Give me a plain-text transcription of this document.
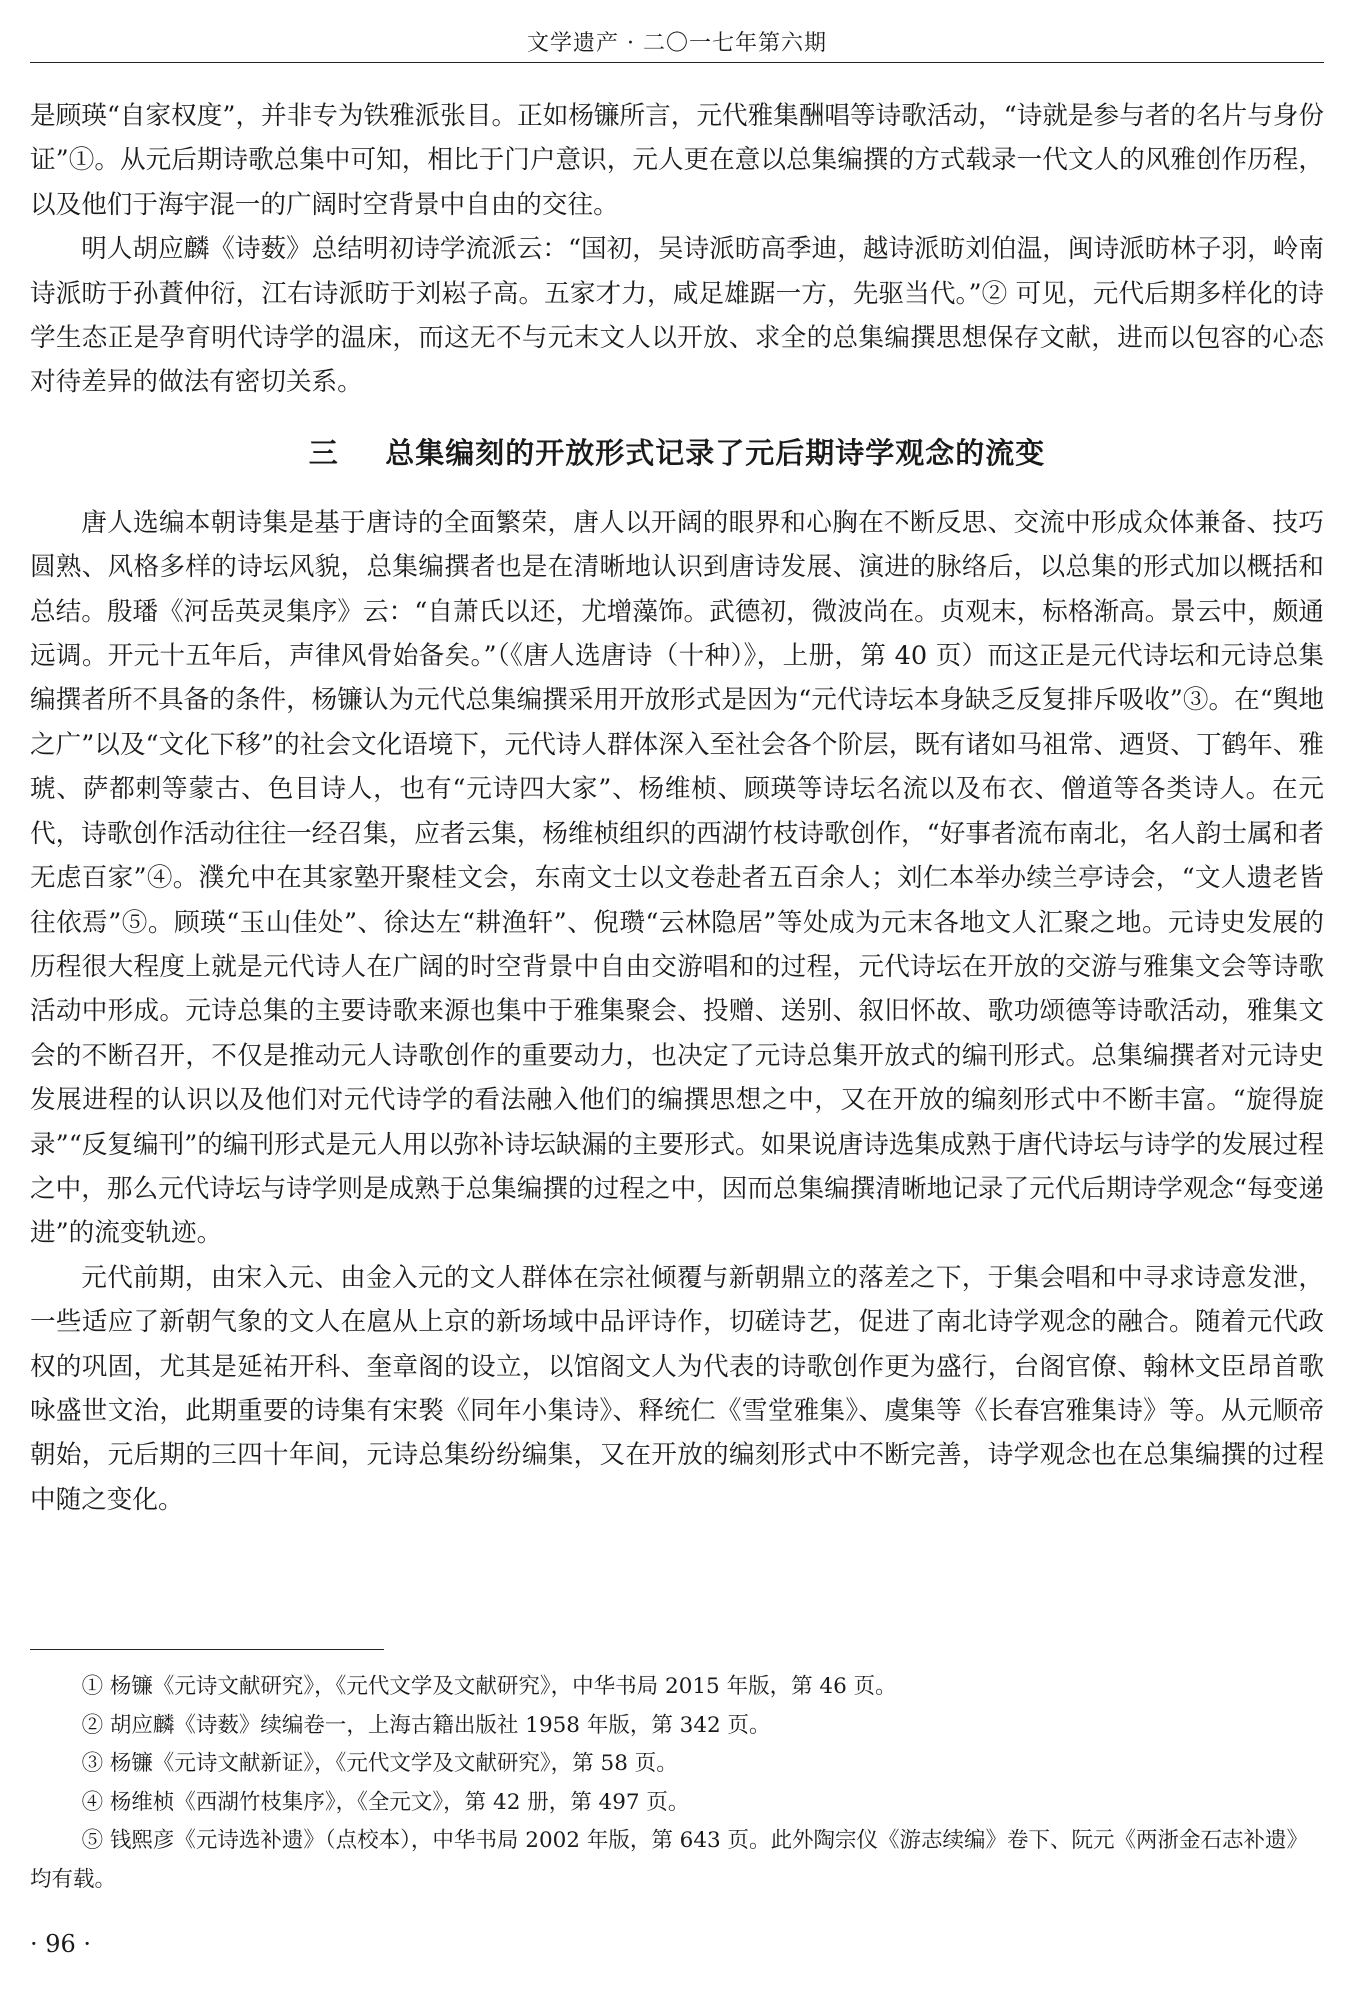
文学遗产 · 二〇一七年第六期

是顾瑛“自家权度”，并非专为铁雅派张目。正如杨镰所言，元代雅集酬唱等诗歌活动，“诗就是参与者的名片与身份证”①。从元后期诗歌总集中可知，相比于门户意识，元人更在意以总集编撰的方式载录一代文人的风雅创作历程，以及他们于海宇混一的广阔时空背景中自由的交往。

明人胡应麟《诗薮》总结明初诗学流派云：“国初，吴诗派昉高季迪，越诗派昉刘伯温，闽诗派昉林子羽，岭南诗派昉于孙蕡仲衍，江右诗派昉于刘崧子高。五家才力，咸足雄踞一方，先驱当代。”② 可见，元代后期多样化的诗学生态正是孕育明代诗学的温床，而这无不与元末文人以开放、求全的总集编撰思想保存文献，进而以包容的心态对待差异的做法有密切关系。

三 总集编刻的开放形式记录了元后期诗学观念的流变

唐人选编本朝诗集是基于唐诗的全面繁荣，唐人以开阔的眼界和心胸在不断反思、交流中形成众体兼备、技巧圆熟、风格多样的诗坛风貌，总集编撰者也是在清晰地认识到唐诗发展、演进的脉络后，以总集的形式加以概括和总结。殷璠《河岳英灵集序》云：“自萧氏以还，尤增藻饰。武德初，微波尚在。贞观末，标格渐高。景云中，颇通远调。开元十五年后，声律风骨始备矣。”（《唐人选唐诗（十种）》，上册，第 40 页）而这正是元代诗坛和元诗总集编撰者所不具备的条件，杨镰认为元代总集编撰采用开放形式是因为“元代诗坛本身缺乏反复排斥吸收”③。在“舆地之广”以及“文化下移”的社会文化语境下，元代诗人群体深入至社会各个阶层，既有诸如马祖常、迺贤、丁鹤年、雅琥、萨都剌等蒙古、色目诗人，也有“元诗四大家”、杨维桢、顾瑛等诗坛名流以及布衣、僧道等各类诗人。在元代，诗歌创作活动往往一经召集，应者云集，杨维桢组织的西湖竹枝诗歌创作，“好事者流布南北，名人韵士属和者无虑百家”④。濮允中在其家塾开聚桂文会，东南文士以文卷赴者五百余人；刘仁本举办续兰亭诗会，“文人遗老皆往依焉”⑤。顾瑛“玉山佳处”、徐达左“耕渔轩”、倪瓒“云林隐居”等处成为元末各地文人汇聚之地。元诗史发展的历程很大程度上就是元代诗人在广阔的时空背景中自由交游唱和的过程，元代诗坛在开放的交游与雅集文会等诗歌活动中形成。元诗总集的主要诗歌来源也集中于雅集聚会、投赠、送别、叙旧怀故、歌功颂德等诗歌活动，雅集文会的不断召开，不仅是推动元人诗歌创作的重要动力，也决定了元诗总集开放式的编刊形式。总集编撰者对元诗史发展进程的认识以及他们对元代诗学的看法融入他们的编撰思想之中，又在开放的编刻形式中不断丰富。“旋得旋录”“反复编刊”的编刊形式是元人用以弥补诗坛缺漏的主要形式。如果说唐诗选集成熟于唐代诗坛与诗学的发展过程之中，那么元代诗坛与诗学则是成熟于总集编撰的过程之中，因而总集编撰清晰地记录了元代后期诗学观念“每变递进”的流变轨迹。

元代前期，由宋入元、由金入元的文人群体在宗社倾覆与新朝鼎立的落差之下，于集会唱和中寻求诗意发泄，一些适应了新朝气象的文人在扈从上京的新场域中品评诗作，切磋诗艺，促进了南北诗学观念的融合。随着元代政权的巩固，尤其是延祐开科、奎章阁的设立，以馆阁文人为代表的诗歌创作更为盛行，台阁官僚、翰林文臣昂首歌咏盛世文治，此期重要的诗集有宋褧《同年小集诗》、释统仁《雪堂雅集》、虞集等《长春宫雅集诗》等。从元顺帝朝始，元后期的三四十年间，元诗总集纷纷编集，又在开放的编刻形式中不断完善，诗学观念也在总集编撰的过程中随之变化。

① 杨镰《元诗文献研究》，《元代文学及文献研究》，中华书局 2015 年版，第 46 页。

② 胡应麟《诗薮》续编卷一，上海古籍出版社 1958 年版，第 342 页。

③ 杨镰《元诗文献新证》，《元代文学及文献研究》，第 58 页。

④ 杨维桢《西湖竹枝集序》，《全元文》，第 42 册，第 497 页。

⑤ 钱熙彦《元诗选补遗》（点校本），中华书局 2002 年版，第 643 页。此外陶宗仪《游志续编》卷下、阮元《两浙金石志补遗》均有载。

· 96 ·
